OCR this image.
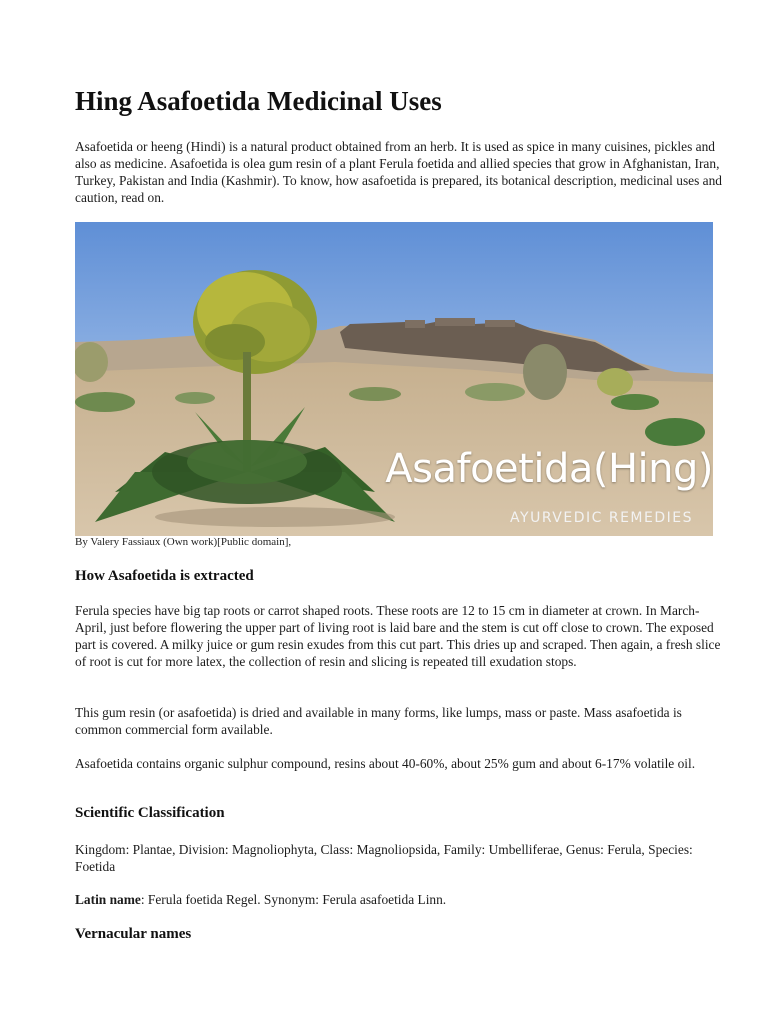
Hing Asafoetida Medicinal Uses

Asafoetida or heeng (Hindi) is a natural product obtained from an herb. It is used as spice in many cuisines, pickles and also as medicine. Asafoetida is olea gum resin of a plant Ferula foetida and allied species that grow in Afghanistan, Iran, Turkey, Pakistan and India (Kashmir). To know, how asafoetida is prepared, its botanical description, medicinal uses and caution, read on.

Asafoetida(Hing)
AYURVEDIC REMEDIES

By Valery Fassiaux (Own work)[Public domain],

How Asafoetida is extracted

Ferula species have big tap roots or carrot shaped roots. These roots are 12 to 15 cm in diameter at crown. In March-April, just before flowering the upper part of living root is laid bare and the stem is cut off close to crown. The exposed part is covered. A milky juice or gum resin exudes from this cut part. This dries up and scraped. Then again, a fresh slice of root is cut for more latex, the collection of resin and slicing is repeated till exudation stops.

This gum resin (or asafoetida) is dried and available in many forms, like lumps, mass or paste. Mass asafoetida is common commercial form available.

Asafoetida contains organic sulphur compound, resins about 40-60%, about 25% gum and about 6-17% volatile oil.

Scientific Classification

Kingdom: Plantae, Division: Magnoliophyta, Class: Magnoliopsida, Family: Umbelliferae, Genus: Ferula, Species: Foetida

Latin name: Ferula foetida Regel. Synonym: Ferula asafoetida Linn.

Vernacular names
